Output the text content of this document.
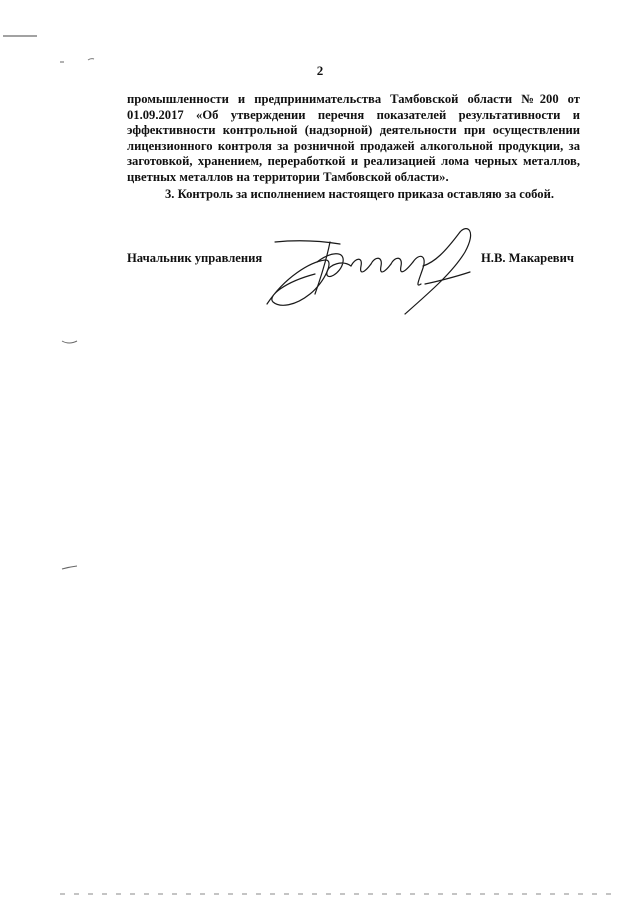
2

промышленности и предпринимательства Тамбовской области №200 от 01.09.2017 «Об утверждении перечня показателей результативности и эффективности контрольной (надзорной) деятельности при осуществлении лицензионного контроля за розничной продажей алкогольной продукции, за заготовкой, хранением, переработкой и реализацией лома черных металлов, цветных металлов на территории Тамбовской области».

3. Контроль за исполнением настоящего приказа оставляю за собой.

Начальник управления	Н.В. Макаревич
